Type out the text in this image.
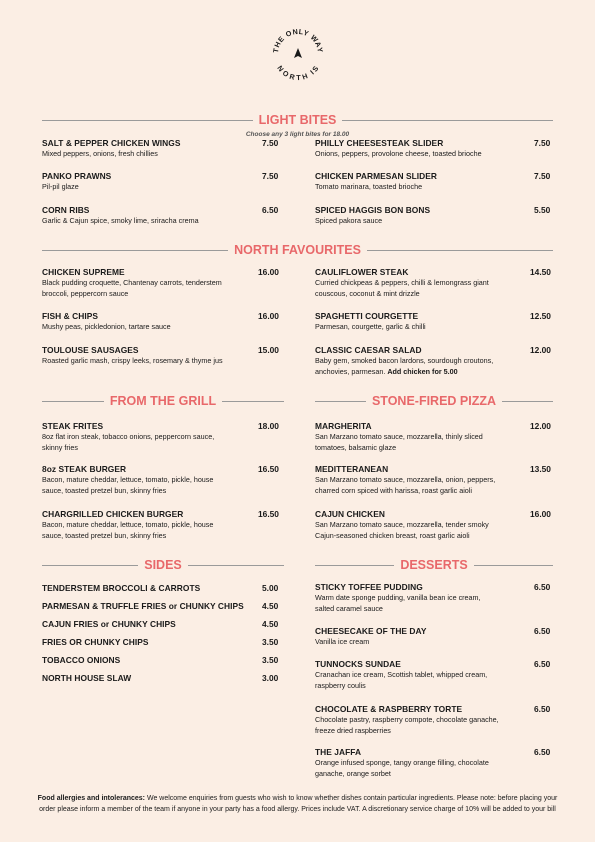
THE ONLY WAY
NORTH IS
LIGHT BITES
Choose any 3 light bites for 18.00
NORTH FAVOURITES
FROM THE GRILL	STONE-FIRED PIZZA
SIDES	DESSERTS
SALT & PEPPER CHICKEN WINGS
Mixed peppers, onions, fresh chillies
7.50
PANKO PRAWNS
Pil-pil glaze
7.50
CORN RIBS
Garlic & Cajun spice, smoky lime, sriracha crema
6.50
PHILLY CHEESESTEAK SLIDER
Onions, peppers, provolone cheese, toasted brioche
7.50
CHICKEN PARMESAN SLIDER
Tomato marinara, toasted brioche
7.50
SPICED HAGGIS BON BONS
Spiced pakora sauce
5.50
CHICKEN SUPREME
Black pudding croquette, Chantenay carrots, tenderstem
broccoli, peppercorn sauce
16.00
FISH & CHIPS
Mushy peas, pickledonion, tartare sauce
16.00
TOULOUSE SAUSAGES
Roasted garlic mash, crispy leeks, rosemary & thyme jus
15.00
CAULIFLOWER STEAK
Curried chickpeas & peppers, chilli & lemongrass giant
couscous, coconut & mint drizzle
14.50
SPAGHETTI COURGETTE
Parmesan, courgette, garlic & chilli
12.50
CLASSIC CAESAR SALAD
Baby gem, smoked bacon lardons, sourdough croutons,
anchovies, parmesan. Add chicken for 5.00
12.00
STEAK FRITES
8oz flat iron steak, tobacco onions, peppercorn sauce,
skinny fries
18.00
8oz STEAK BURGER
Bacon, mature cheddar, lettuce, tomato, pickle, house
sauce, toasted pretzel bun, skinny fries
16.50
CHARGRILLED CHICKEN BURGER
Bacon, mature cheddar, lettuce, tomato, pickle, house
sauce, toasted pretzel bun, skinny fries
16.50
MARGHERITA
San Marzano tomato sauce, mozzarella, thinly sliced
tomatoes, balsamic glaze
12.00
MEDITTERANEAN
San Marzano tomato sauce, mozzarella, onion, peppers,
charred corn spiced with harissa, roast garlic aioli
13.50
CAJUN CHICKEN
San Marzano tomato sauce, mozzarella, tender smoky
Cajun-seasoned chicken breast, roast garlic aioli
16.00
TENDERSTEM BROCCOLI & CARROTS	5.00
PARMESAN & TRUFFLE FRIES or CHUNKY CHIPS 4.50
CAJUN FRIES or CHUNKY CHIPS	4.50
FRIES OR CHUNKY CHIPS	3.50
TOBACCO ONIONS	3.50
NORTH HOUSE SLAW	3.00
STICKY TOFFEE PUDDING
Warm date sponge pudding, vanilla bean ice cream,
salted caramel sauce
6.50
CHEESECAKE OF THE DAY
Vanilla ice cream
6.50
TUNNOCKS SUNDAE
Cranachan ice cream, Scottish tablet, whipped cream,
raspberry coulis
6.50
CHOCOLATE & RASPBERRY TORTE
Chocolate pastry, raspberry compote, chocolate ganache,
freeze dried raspberries
6.50
THE JAFFA
Orange infused sponge, tangy orange filling, chocolate
ganache, orange sorbet
6.50
Food allergies and intolerances: We welcome enquiries from guests who wish to know whether dishes contain particular ingredients. Please note: before placing your order please inform a member of the team if anyone in your party has a food allergy. Prices include VAT. A discretionary service charge of 10% will be added to your bill
